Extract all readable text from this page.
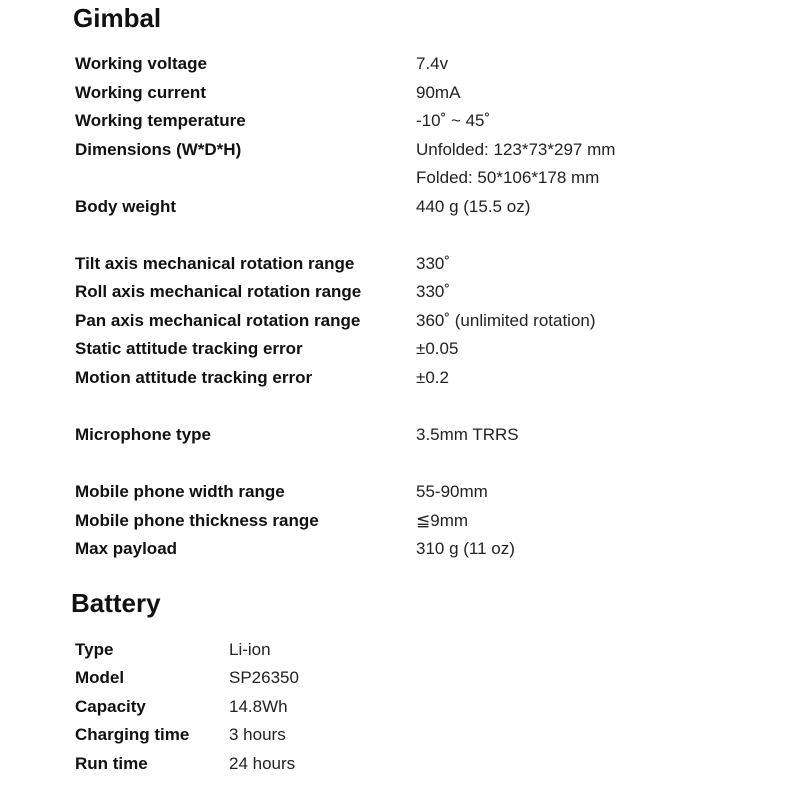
Gimbal
Working voltage	7.4v
Working current	90mA
Working temperature	-10˚ ~ 45˚
Dimensions (W*D*H)	Unfolded: 123*73*297 mm
Folded: 50*106*178 mm
Body weight	440 g (15.5 oz)
Tilt axis mechanical rotation range	330˚
Roll axis mechanical rotation range	330˚
Pan axis mechanical rotation range	360˚ (unlimited rotation)
Static attitude tracking error	±0.05
Motion attitude tracking error	±0.2
Microphone type	3.5mm TRRS
Mobile phone width range	55-90mm
Mobile phone thickness range	≦9mm
Max payload	310 g (11 oz)
Battery
Type	Li-ion
Model	SP26350
Capacity	14.8Wh
Charging time 3 hours
Run time	24 hours
